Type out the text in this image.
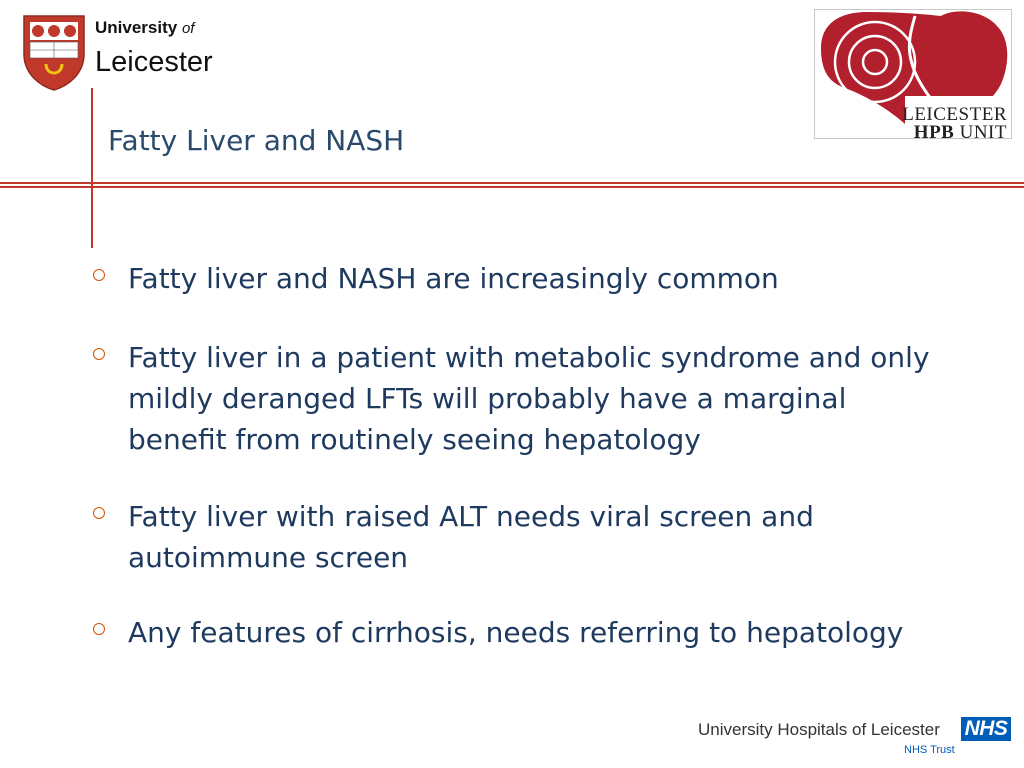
University of
Leicester
LEICESTER
HPB UNIT
Fatty Liver and NASH
Fatty liver and NASH are increasingly common
Fatty liver in a patient with metabolic syndrome and only mildly deranged LFTs will probably have a marginal benefit from routinely seeing hepatology
Fatty liver with raised ALT needs viral screen and autoimmune screen
Any features of cirrhosis, needs referring to hepatology
University Hospitals of Leicester NHS
NHS Trust
